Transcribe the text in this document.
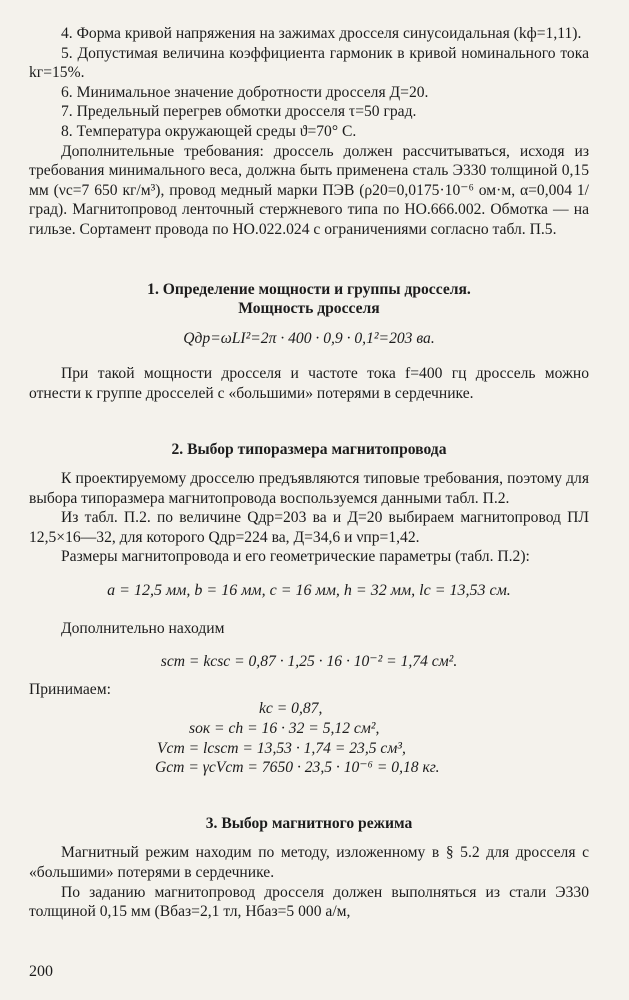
4. Форма кривой напряжения на зажимах дросселя синусоидальная (kф=1,11).

5. Допустимая величина коэффициента гармоник в кривой номинального тока kг=15%.

6. Минимальное значение добротности дросселя Д=20.

7. Предельный перегрев обмотки дросселя τ=50 град.

8. Температура окружающей среды ϑ=70° C.

Дополнительные требования: дроссель должен рассчитываться, исходя из требования минимального веса, должна быть применена сталь Э330 толщиной 0,15 мм (νс=7 650 кг/м³), провод медный марки ПЭВ (ρ20=0,0175·10⁻⁶ ом·м, α=0,004 1/град). Магнитопровод ленточный стержневого типа по НО.666.002. Обмотка — на гильзе. Сортамент провода по НО.022.024 с ограничениями согласно табл. П.5.

1. Определение мощности и группы дросселя.
Мощность дросселя
Qдр=ωLI²=2π · 400 · 0,9 · 0,1²=203 ва.

При такой мощности дросселя и частоте тока f=400 гц дроссель можно отнести к группе дросселей с «большими» потерями в сердечнике.

2. Выбор типоразмера магнитопровода

К проектируемому дросселю предъявляются типовые требования, поэтому для выбора типоразмера магнитопровода воспользуемся данными табл. П.2.

Из табл. П.2. по величине Qдр=203 ва и Д=20 выбираем магнитопровод ПЛ 12,5×16—32, для которого Qдр=224 ва, Д=34,6 и νпр=1,42.

Размеры магнитопровода и его геометрические параметры (табл. П.2):

a = 12,5 мм, b = 16 мм, c = 16 мм, h = 32 мм, lс = 13,53 см.

Дополнительно находим

sст = kсsс = 0,87 · 1,25 · 16 · 10⁻² = 1,74 см².

Принимаем:

kс = 0,87,
sок = ch = 16 · 32 = 5,12 см²,
Vст = lсsст = 13,53 · 1,74 = 23,5 см³,
Gст = γсVст = 7650 · 23,5 · 10⁻⁶ = 0,18 кг.
3. Выбор магнитного режима

Магнитный режим находим по методу, изложенному в § 5.2 для дросселя с «большими» потерями в сердечнике.

По заданию магнитопровод дросселя должен выполняться из стали Э330 толщиной 0,15 мм (Bбаз=2,1 тл, Hбаз=5 000 а/м,

200
